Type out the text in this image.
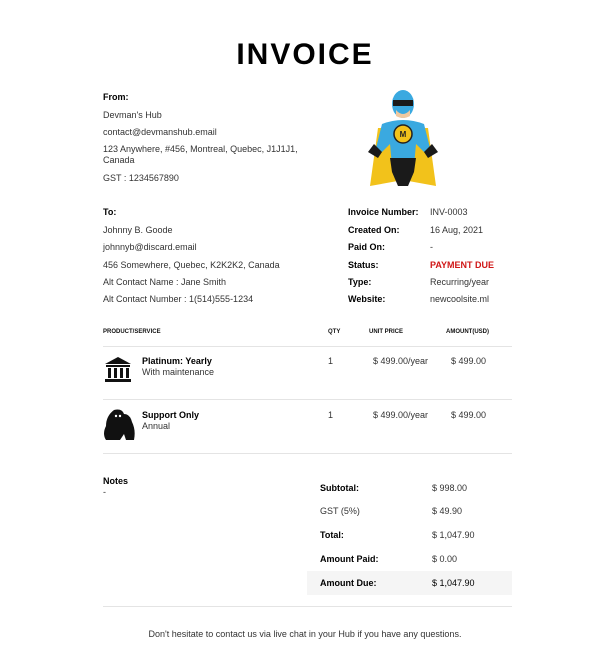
INVOICE
From:
Devman's Hub
contact@devmanshub.email
123 Anywhere, #456, Montreal, Quebec, J1J1J1,
Canada
GST : 1234567890
M
To:
Johnny B. Goode
johnnyb@discard.email
456 Somewhere, Quebec, K2K2K2, Canada
Alt Contact Name : Jane Smith
Alt Contact Number : 1(514)555-1234
Invoice Number: INV-0003
Created On:	16 Aug, 2021
Paid On:	-
Status:	PAYMENT DUE
Type:	Recurring/year
Website:	newcoolsite.ml
PRODUCT/SERVICE	QTY	UNIT PRICE	AMOUNT(USD)
Platinum: Yearly
With maintenance
1	$ 499.00/year	$ 499.00
Support Only
Annual
1	$ 499.00/year	$ 499.00
Notes
-	Subtotal:	$ 998.00
GST (5%)	$ 49.90
Total:	$ 1,047.90
Amount Paid:	$ 0.00
Amount Due:	$ 1,047.90
Don't hesitate to contact us via live chat in your Hub if you have any questions.
